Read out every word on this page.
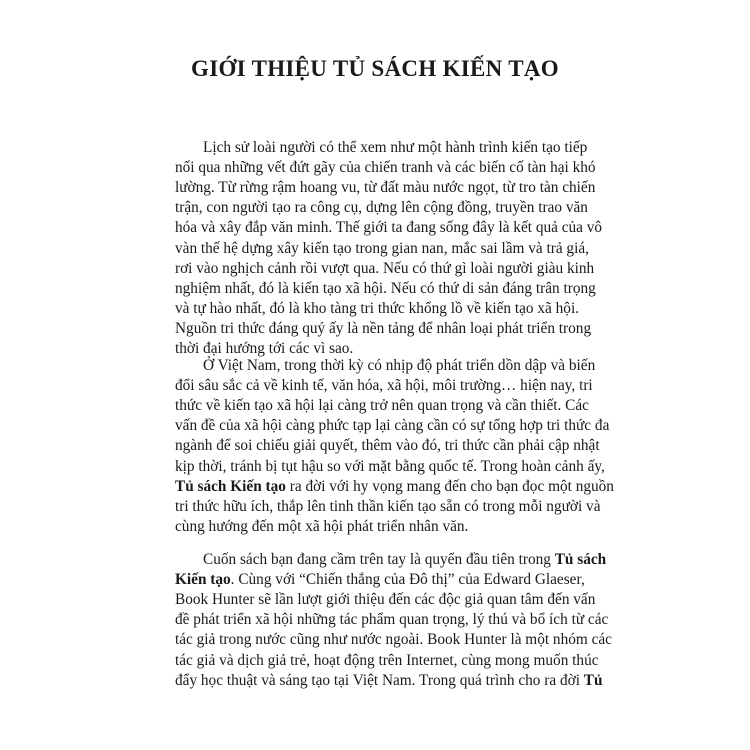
GIỚI THIỆU TỦ SÁCH KIẾN TẠO

Lịch sử loài người có thể xem như một hành trình kiến tạo tiếp

nối qua những vết đứt gãy của chiến tranh và các biến cố tàn hại khó

lường. Từ rừng rậm hoang vu, từ đất màu nước ngọt, từ tro tàn chiến

trận, con người tạo ra công cụ, dựng lên cộng đồng, truyền trao văn

hóa và xây đắp văn minh. Thế giới ta đang sống đây là kết quả của vô

vàn thế hệ dựng xây kiến tạo trong gian nan, mắc sai lầm và trả giá,

rơi vào nghịch cảnh rồi vượt qua. Nếu có thứ gì loài người giàu kinh

nghiệm nhất, đó là kiến tạo xã hội. Nếu có thứ di sản đáng trân trọng

và tự hào nhất, đó là kho tàng tri thức khổng lồ về kiến tạo xã hội.

Nguồn tri thức đáng quý ấy là nền tảng để nhân loại phát triển trong

thời đại hướng tới các vì sao.

Ở Việt Nam, trong thời kỳ có nhịp độ phát triển dồn dập và biến

đổi sâu sắc cả về kinh tế, văn hóa, xã hội, môi trường… hiện nay, tri

thức về kiến tạo xã hội lại càng trở nên quan trọng và cần thiết. Các

vấn đề của xã hội càng phức tạp lại càng cần có sự tổng hợp tri thức đa

ngành để soi chiếu giải quyết, thêm vào đó, tri thức cần phải cập nhật

kịp thời, tránh bị tụt hậu so với mặt bằng quốc tế. Trong hoàn cảnh ấy,

Tủ sách Kiến tạo ra đời với hy vọng mang đến cho bạn đọc một nguồn

tri thức hữu ích, thắp lên tinh thần kiến tạo sẵn có trong mỗi người và

cùng hướng đến một xã hội phát triển nhân văn.

Cuốn sách bạn đang cầm trên tay là quyển đầu tiên trong Tủ sách

Kiến tạo. Cùng với “Chiến thắng của Đô thị” của Edward Glaeser,

Book Hunter sẽ lần lượt giới thiệu đến các độc giả quan tâm đến vấn

đề phát triển xã hội những tác phẩm quan trọng, lý thú và bổ ích từ các

tác giả trong nước cũng như nước ngoài. Book Hunter là một nhóm các

tác giả và dịch giả trẻ, hoạt động trên Internet, cùng mong muốn thúc

đẩy học thuật và sáng tạo tại Việt Nam. Trong quá trình cho ra đời Tủ
